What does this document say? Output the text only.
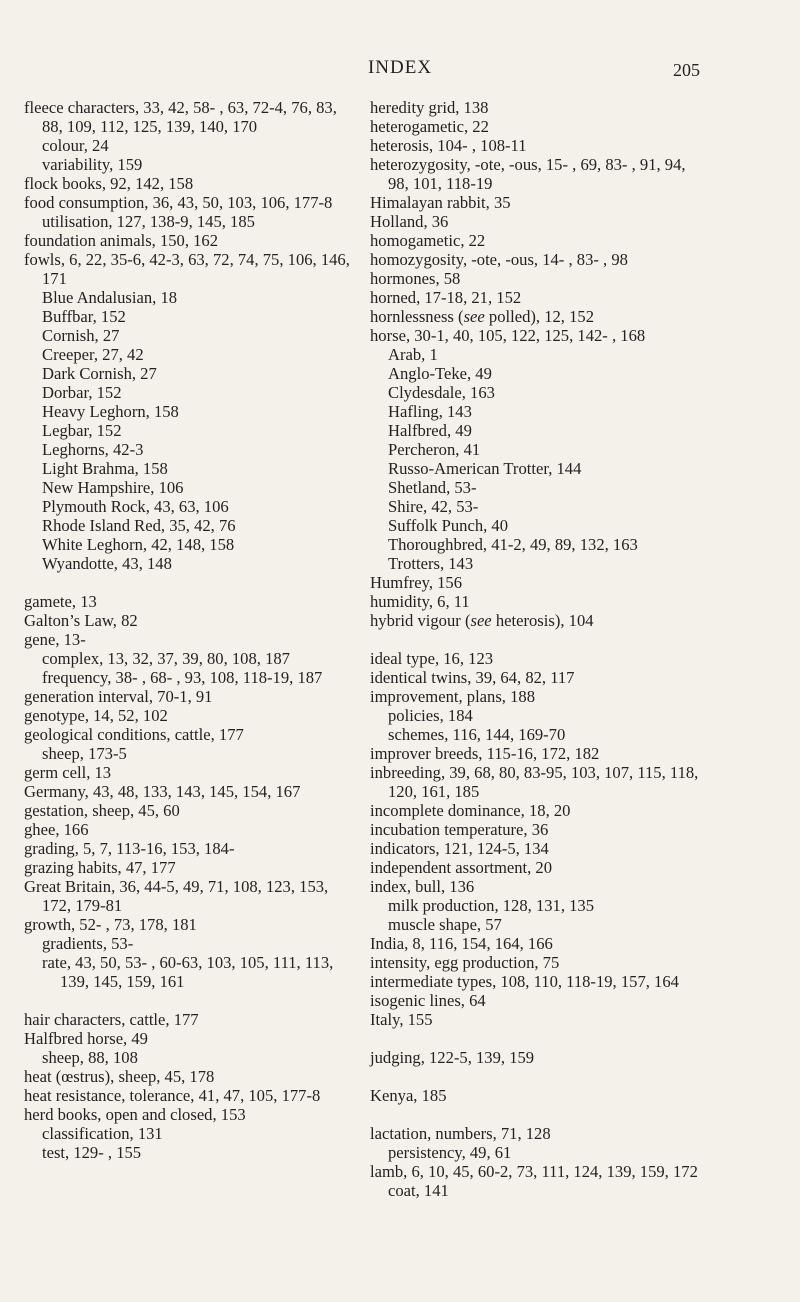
INDEX	205
fleece characters, 33, 42, 58- , 63, 72-4, 76, 83, 88, 109, 112, 125, 139, 140, 170
colour, 24
variability, 159
flock books, 92, 142, 158
food consumption, 36, 43, 50, 103, 106, 177-8
utilisation, 127, 138-9, 145, 185
foundation animals, 150, 162
fowls, 6, 22, 35-6, 42-3, 63, 72, 74, 75, 106, 146, 171
Blue Andalusian, 18
Buffbar, 152
Cornish, 27
Creeper, 27, 42
Dark Cornish, 27
Dorbar, 152
Heavy Leghorn, 158
Legbar, 152
Leghorns, 42-3
Light Brahma, 158
New Hampshire, 106
Plymouth Rock, 43, 63, 106
Rhode Island Red, 35, 42, 76
White Leghorn, 42, 148, 158
Wyandotte, 43, 148
gamete, 13
Galton’s Law, 82
gene, 13-
complex, 13, 32, 37, 39, 80, 108, 187
frequency, 38- , 68- , 93, 108, 118-19, 187
generation interval, 70-1, 91
genotype, 14, 52, 102
geological conditions, cattle, 177
sheep, 173-5
germ cell, 13
Germany, 43, 48, 133, 143, 145, 154, 167
gestation, sheep, 45, 60
ghee, 166
grading, 5, 7, 113-16, 153, 184-
grazing habits, 47, 177
Great Britain, 36, 44-5, 49, 71, 108, 123, 153, 172, 179-81
growth, 52- , 73, 178, 181
gradients, 53-
rate, 43, 50, 53- , 60-63, 103, 105, 111, 113, 139, 145, 159, 161
hair characters, cattle, 177
Halfbred horse, 49
sheep, 88, 108
heat (œstrus), sheep, 45, 178
heat resistance, tolerance, 41, 47, 105, 177-8
herd books, open and closed, 153
classification, 131
test, 129- , 155
heredity grid, 138
heterogametic, 22
heterosis, 104- , 108-11
heterozygosity, -ote, -ous, 15- , 69, 83- , 91, 94, 98, 101, 118-19
Himalayan rabbit, 35
Holland, 36
homogametic, 22
homozygosity, -ote, -ous, 14- , 83- , 98
hormones, 58
horned, 17-18, 21, 152
hornlessness (see polled), 12, 152
horse, 30-1, 40, 105, 122, 125, 142- , 168
Arab, 1
Anglo-Teke, 49
Clydesdale, 163
Hafling, 143
Halfbred, 49
Percheron, 41
Russo-American Trotter, 144
Shetland, 53-
Shire, 42, 53-
Suffolk Punch, 40
Thoroughbred, 41-2, 49, 89, 132, 163
Trotters, 143
Humfrey, 156
humidity, 6, 11
hybrid vigour (see heterosis), 104
ideal type, 16, 123
identical twins, 39, 64, 82, 117
improvement, plans, 188
policies, 184
schemes, 116, 144, 169-70
improver breeds, 115-16, 172, 182
inbreeding, 39, 68, 80, 83-95, 103, 107, 115, 118, 120, 161, 185
incomplete dominance, 18, 20
incubation temperature, 36
indicators, 121, 124-5, 134
independent assortment, 20
index, bull, 136
milk production, 128, 131, 135
muscle shape, 57
India, 8, 116, 154, 164, 166
intensity, egg production, 75
intermediate types, 108, 110, 118-19, 157, 164
isogenic lines, 64
Italy, 155
judging, 122-5, 139, 159
Kenya, 185
lactation, numbers, 71, 128
persistency, 49, 61
lamb, 6, 10, 45, 60-2, 73, 111, 124, 139, 159, 172
coat, 141
